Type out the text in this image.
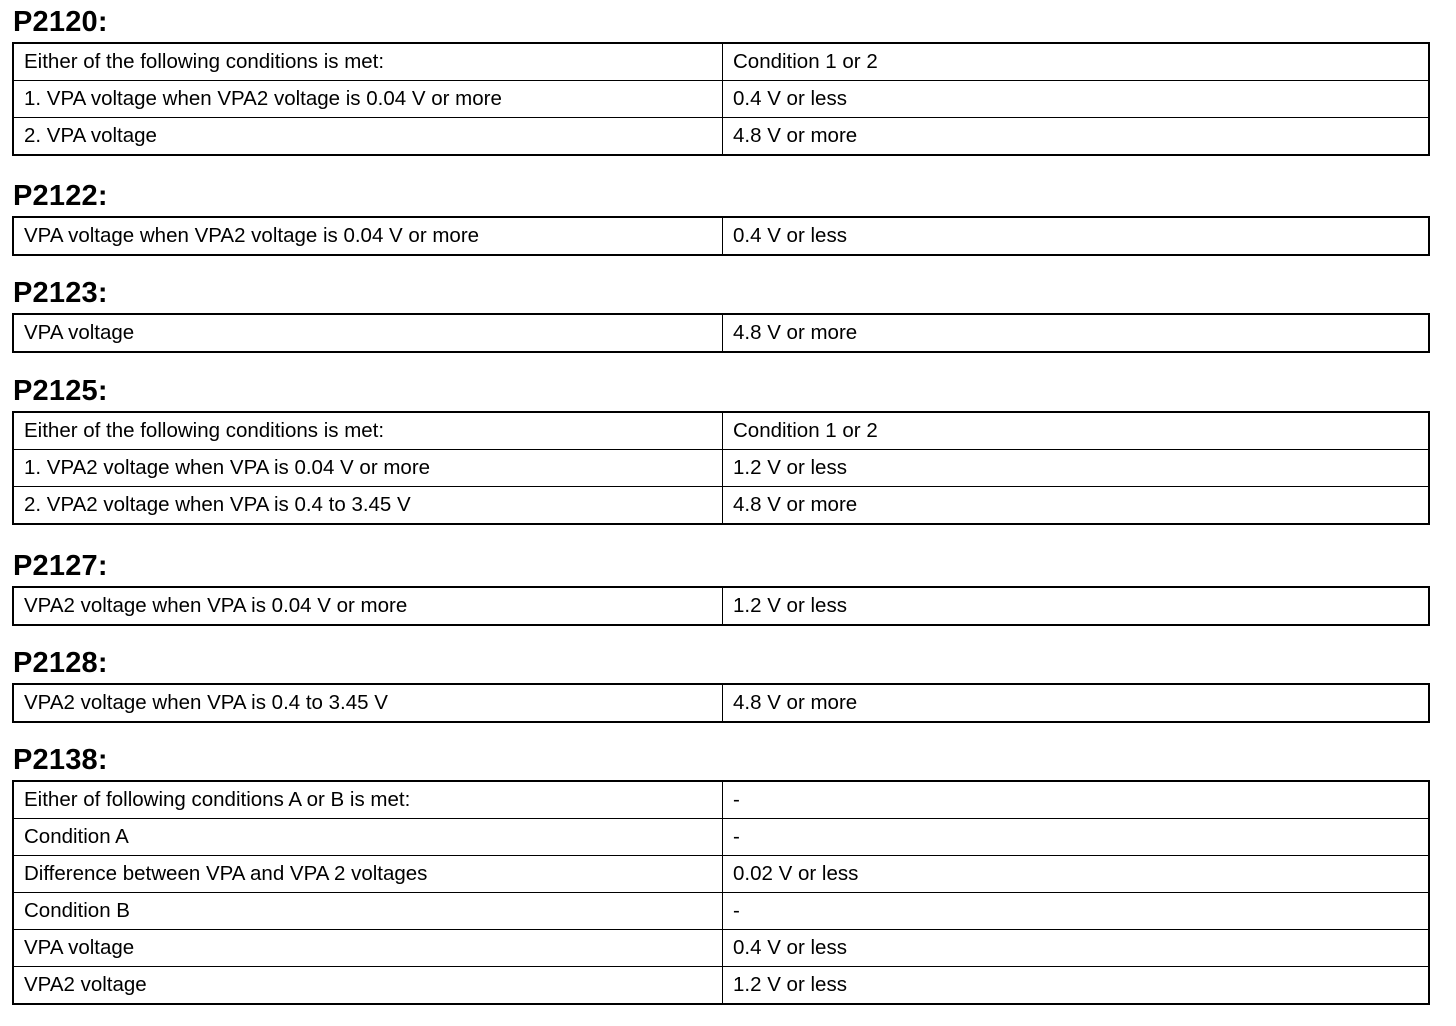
P2120:
Either of the following conditions is met:	Condition 1 or 2
1. VPA voltage when VPA2 voltage is 0.04 V or more	0.4 V or less
2. VPA voltage	4.8 V or more
P2122:
VPA voltage when VPA2 voltage is 0.04 V or more	0.4 V or less
P2123:
VPA voltage	4.8 V or more
P2125:
Either of the following conditions is met:	Condition 1 or 2
1. VPA2 voltage when VPA is 0.04 V or more	1.2 V or less
2. VPA2 voltage when VPA is 0.4 to 3.45 V	4.8 V or more
P2127:
VPA2 voltage when VPA is 0.04 V or more	1.2 V or less
P2128:
VPA2 voltage when VPA is 0.4 to 3.45 V	4.8 V or more
P2138:
Either of following conditions A or B is met:	-
Condition A	-
Difference between VPA and VPA 2 voltages	0.02 V or less
Condition B	-
VPA voltage	0.4 V or less
VPA2 voltage	1.2 V or less
